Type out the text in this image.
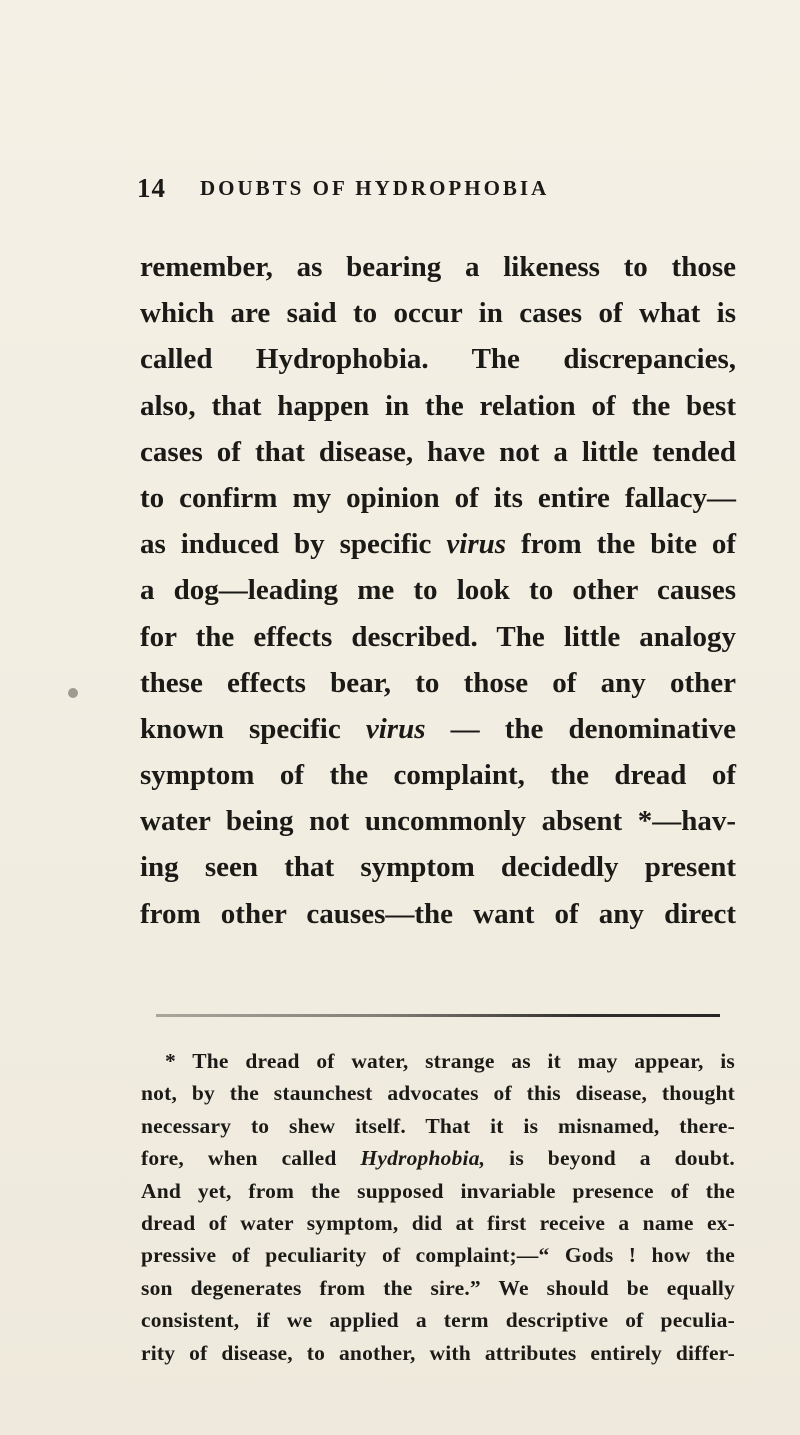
14 DOUBTS OF HYDROPHOBIA
remember, as bearing a likeness to those
which are said to occur in cases of what is
called Hydrophobia. The discrepancies,
also, that happen in the relation of the best
cases of that disease, have not a little tended
to confirm my opinion of its entire fallacy—
as induced by specific virus from the bite of
a dog—leading me to look to other causes
for the effects described. The little analogy
these effects bear, to those of any other
known specific virus — the denominative
symptom of the complaint, the dread of
water being not uncommonly absent *—hav-
ing seen that symptom decidedly present
from other causes—the want of any direct
* The dread of water, strange as it may appear, is
not, by the staunchest advocates of this disease, thought
necessary to shew itself. That it is misnamed, there-
fore, when called Hydrophobia, is beyond a doubt.
And yet, from the supposed invariable presence of the
dread of water symptom, did at first receive a name ex-
pressive of peculiarity of complaint;—“ Gods ! how the
son degenerates from the sire.” We should be equally
consistent, if we applied a term descriptive of peculia-
rity of disease, to another, with attributes entirely differ-
